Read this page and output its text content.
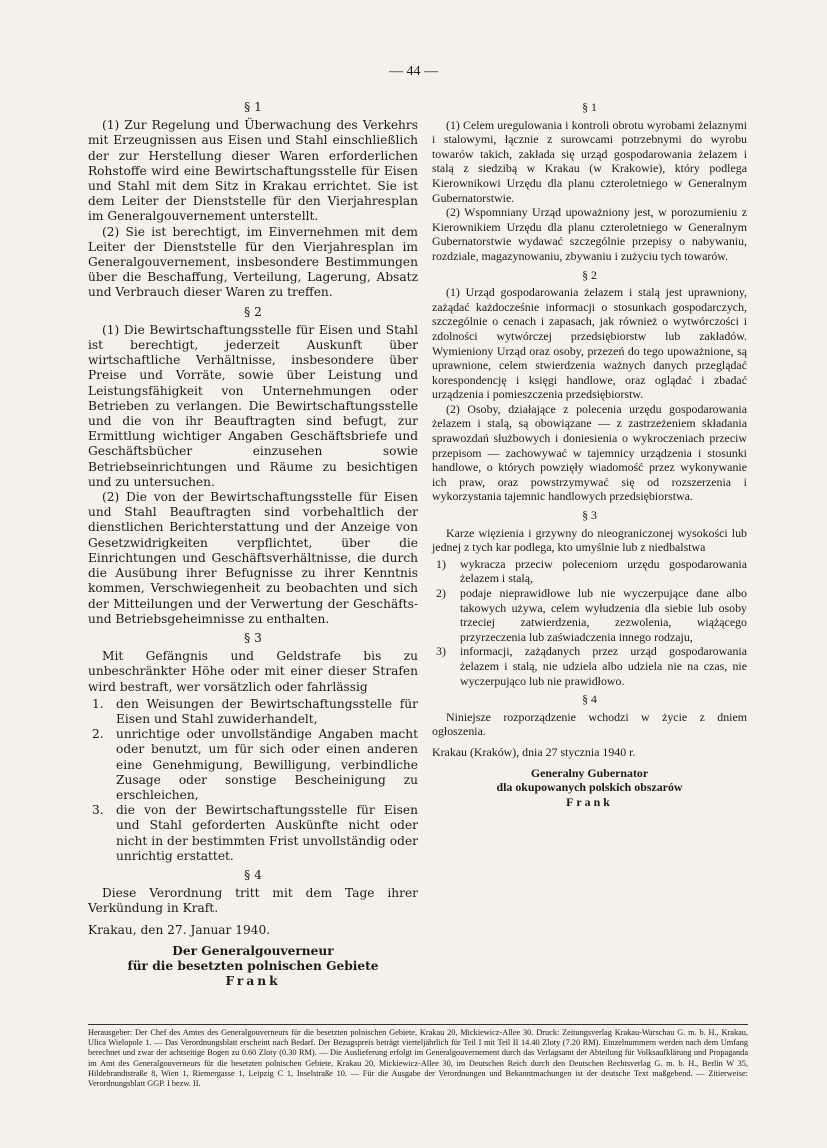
— 44 —
§ 1

(1) Zur Regelung und Überwachung des Verkehrs mit Erzeugnissen aus Eisen und Stahl einschließlich der zur Herstellung dieser Waren erforderlichen Rohstoffe wird eine Bewirtschaftungsstelle für Eisen und Stahl mit dem Sitz in Krakau errichtet. Sie ist dem Leiter der Dienststelle für den Vierjahresplan im Generalgouvernement unterstellt.

(2) Sie ist berechtigt, im Einvernehmen mit dem Leiter der Dienststelle für den Vierjahresplan im Generalgouvernement, insbesondere Bestimmungen über die Beschaffung, Verteilung, Lagerung, Absatz und Verbrauch dieser Waren zu treffen.

§ 2

(1) Die Bewirtschaftungsstelle für Eisen und Stahl ist berechtigt, jederzeit Auskunft über wirtschaftliche Verhältnisse, insbesondere über Preise und Vorräte, sowie über Leistung und Leistungsfähigkeit von Unternehmungen oder Betrieben zu verlangen. Die Bewirtschaftungsstelle und die von ihr Beauftragten sind befugt, zur Ermittlung wichtiger Angaben Geschäftsbriefe und Geschäftsbücher einzusehen sowie Betriebseinrichtungen und Räume zu besichtigen und zu untersuchen.

(2) Die von der Bewirtschaftungsstelle für Eisen und Stahl Beauftragten sind vorbehaltlich der dienstlichen Berichterstattung und der Anzeige von Gesetzwidrigkeiten verpflichtet, über die Einrichtungen und Geschäftsverhältnisse, die durch die Ausübung ihrer Befugnisse zu ihrer Kenntnis kommen, Verschwiegenheit zu beobachten und sich der Mitteilungen und der Verwertung der Geschäfts- und Betriebsgeheimnisse zu enthalten.

§ 3

Mit Gefängnis und Geldstrafe bis zu unbeschränkter Höhe oder mit einer dieser Strafen wird bestraft, wer vorsätzlich oder fahrlässig

1.	den Weisungen der Bewirtschaftungsstelle für Eisen und Stahl zuwiderhandelt,
2.	unrichtige oder unvollständige Angaben macht oder benutzt, um für sich oder einen anderen eine Genehmigung, Bewilligung, verbindliche Zusage oder sonstige Bescheinigung zu erschleichen,
3.	die von der Bewirtschaftungsstelle für Eisen und Stahl geforderten Auskünfte nicht oder nicht in der bestimmten Frist unvollständig oder unrichtig erstattet.
§ 4

Diese Verordnung tritt mit dem Tage ihrer Verkündung in Kraft.

Krakau, den 27. Januar 1940.

Der Generalgouverneur

für die besetzten polnischen Gebiete

Frank

§ 1

(1) Celem uregulowania i kontroli obrotu wyrobami żelaznymi i stalowymi, łącznie z surowcami potrzebnymi do wyrobu towarów takich, zakłada się urząd gospodarowania żelazem i stalą z siedzibą w Krakau (w Krakowie), który podlega Kierownikowi Urzędu dla planu czteroletniego w Generalnym Gubernatorstwie.

(2) Wspomniany Urząd upoważniony jest, w porozumieniu z Kierownikiem Urzędu dla planu czteroletniego w Generalnym Gubernatorstwie wydawać szczególnie przepisy o nabywaniu, rozdziale, magazynowaniu, zbywaniu i zużyciu tych towarów.

§ 2

(1) Urząd gospodarowania żelazem i stalą jest uprawniony, zażądać każdocześnie informacji o stosunkach gospodarczych, szczególnie o cenach i zapasach, jak również o wytwórczości i zdolności wytwórczej przedsiębiorstw lub zakładów. Wymieniony Urząd oraz osoby, przezeń do tego upoważnione, są uprawnione, celem stwierdzenia ważnych danych przeglądać korespondencję i księgi handlowe, oraz oglądać i zbadać urządzenia i pomieszczenia przedsiębiorstw.

(2) Osoby, działające z polecenia urzędu gospodarowania żelazem i stalą, są obowiązane — z zastrzeżeniem składania sprawozdań służbowych i doniesienia o wykroczeniach przeciw przepisom — zachowywać w tajemnicy urządzenia i stosunki handlowe, o których powzięły wiadomość przez wykonywanie ich praw, oraz powstrzymywać się od rozszerzenia i wykorzystania tajemnic handlowych przedsiębiorstwa.

§ 3

Karze więzienia i grzywny do nieograniczonej wysokości lub jednej z tych kar podlega, kto umyślnie lub z niedbalstwa

1)	wykracza przeciw poleceniom urzędu gospodarowania żelazem i stalą,
2)	podaje nieprawidłowe lub nie wyczerpujące dane albo takowych używa, celem wyłudzenia dla siebie lub osoby trzeciej zatwierdzenia, zezwolenia, wiążącego przyrzeczenia lub zaświadczenia innego rodzaju,
3)	informacji, zażądanych przez urząd gospodarowania żelazem i stalą, nie udziela albo udziela nie na czas, nie wyczerpująco lub nie prawidłowo.
§ 4

Niniejsze rozporządzenie wchodzi w życie z dniem ogłoszenia.

Krakau (Kraków), dnia 27 stycznia 1940 r.

Generalny Gubernator

dla okupowanych polskich obszarów

Frank

Herausgeber: Der Chef des Amtes des Generalgouverneurs für die besetzten polnischen Gebiete, Krakau 20, Mickiewicz-Allee 30. Druck: Zeitungsverlag Krakau-Warschau G. m. b. H., Krakau, Ulica Wielopole 1. — Das Verordnungsblatt erscheint nach Bedarf. Der Bezugspreis beträgt vierteljährlich für Teil I mit Teil II 14.40 Zloty (7.20 RM). Einzelnummern werden nach dem Umfang berechnet und zwar der achtseitige Bogen zu 0.60 Zloty (0.30 RM). — Die Auslieferung erfolgt im Generalgouvernement durch das Verlagsamt der Abteilung für Volksaufklärung und Propaganda im Amt des Generalgouverneurs für die besetzten polnischen Gebiete, Krakau 20, Mickiewicz-Allee 30, im Deutschen Reich durch den Deutschen Rechtsverlag G. m. b. H., Berlin W 35, Hildebrandtstraße 8, Wien 1, Riemergasse 1, Leipzig C 1, Inselstraße 10. — Für die Ausgabe der Verordnungen und Bekanntmachungen ist der deutsche Text maßgebend. — Zitierweise: Verordnungsblatt GGP. I bezw. II.
